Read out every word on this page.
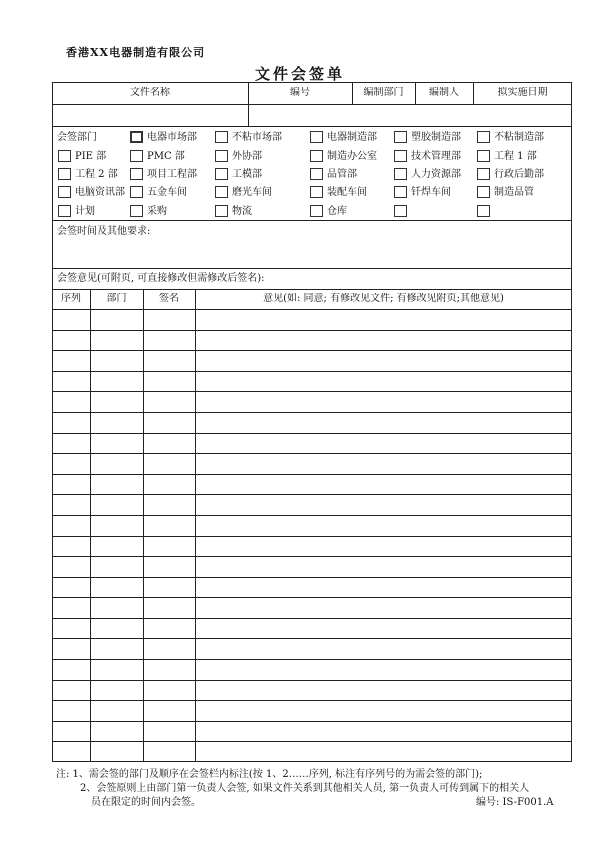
香港XX电器制造有限公司
文件会签单
文件名称	编号	编制部门	编制人	拟实施日期
会签部门	电器市场部	不粘市场部	电器制造部	塑胶制造部	不粘制造部
PIE 部	PMC 部	外协部	制造办公室	技术管理部	工程 1 部
工程 2 部	项目工程部	工模部	品管部	人力资源部	行政后勤部
电脑资讯部 五金车间	磨光车间	装配车间	钎焊车间	制造品管
计划	采购	物流	仓库
会签时间及其他要求:
会签意见(可附页, 可直接修改但需修改后签名):
序列	部门	签名	意见(如: 同意; 有修改见文件; 有修改见附页;其他意见)
注: 1、需会签的部门及顺序在会签栏内标注(按 1、2……序列, 标注有序列号的为需会签的部门);
2、会签原则上由部门第一负责人会签, 如果文件关系到其他相关人员, 第一负责人可传到属下的相关人
员在限定的时间内会签。	编号: IS-F001.A
